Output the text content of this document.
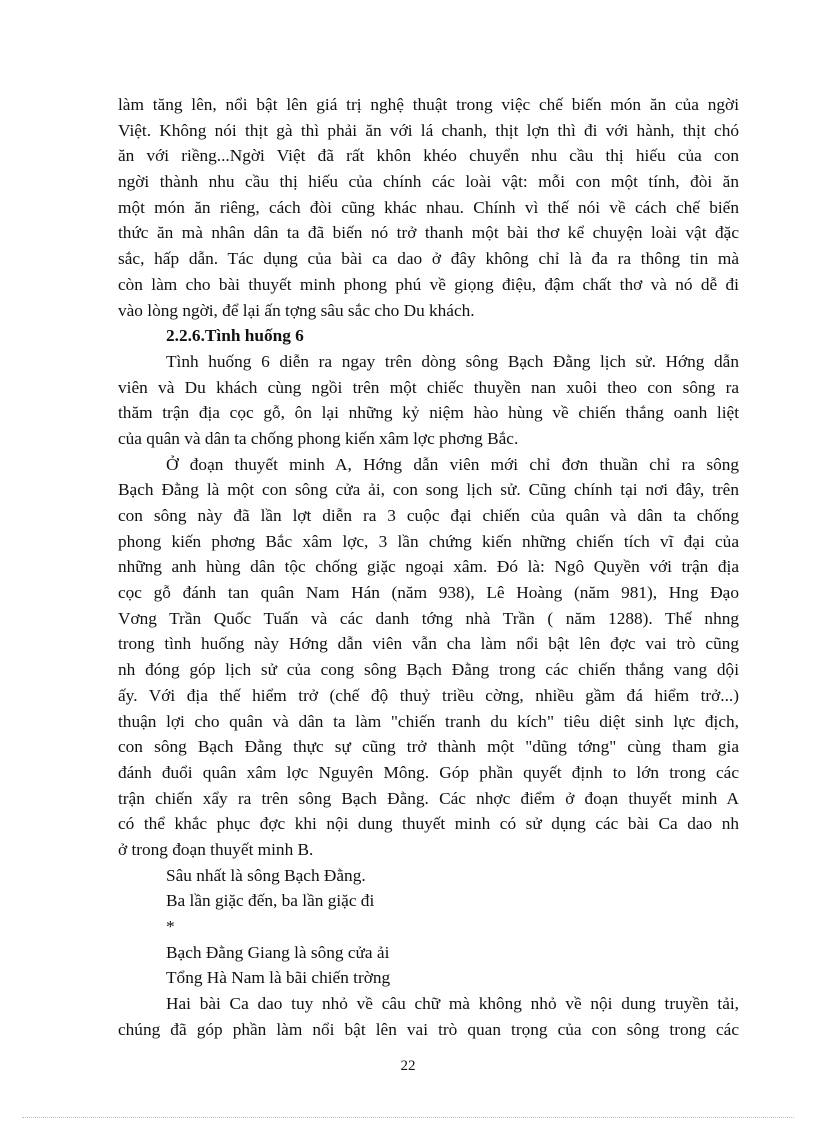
làm tăng lên, nổi bật lên giá trị nghệ thuật trong việc chế biến món ăn của ngời
Việt. Không nói thịt gà thì phải ăn với lá chanh, thịt lợn thì đi với hành, thịt chó
ăn với riềng...Ngời Việt đã rất khôn khéo chuyển nhu cầu thị hiếu của con
ngời thành nhu cầu thị hiếu của chính các loài vật: mỗi con một tính, đòi ăn
một món ăn riêng, cách đòi cũng khác nhau. Chính vì thế nói về cách chế biến
thức ăn mà nhân dân ta đã biến nó trở thanh một bài thơ kể chuyện loài vật đặc
sắc, hấp dẫn. Tác dụng của bài ca dao ở đây không chỉ là đa ra thông tin mà
còn làm cho bài thuyết minh phong phú về giọng điệu, đậm chất thơ và nó dễ đi
vào lòng ngời, để lại ấn tợng sâu sắc cho Du khách.
2.2.6.Tình huống 6
Tình huống 6 diễn ra ngay trên dòng sông Bạch Đằng lịch sử. Hớng dẫn
viên và Du khách cùng ngồi trên một chiếc thuyền nan xuôi theo con sông ra
thăm trận địa cọc gỗ, ôn lại những kỷ niệm hào hùng về chiến thắng oanh liệt
của quân và dân ta chống phong kiến xâm lợc phơng Bắc.
Ở đoạn thuyết minh A, Hớng dẫn viên mới chỉ đơn thuần chỉ ra sông
Bạch Đằng là một con sông cửa ải, con song lịch sử. Cũng chính tại nơi đây, trên
con sông này đã lần lợt diễn ra 3 cuộc đại chiến của quân và dân ta chống
phong kiến phơng Bắc xâm lợc, 3 lần chứng kiến những chiến tích vĩ đại của
những anh hùng dân tộc chống giặc ngoại xâm. Đó là: Ngô Quyền với trận địa
cọc gỗ đánh tan quân Nam Hán (năm 938), Lê Hoàng (năm 981), Hng Đạo
Vơng Trần Quốc Tuấn và các danh tớng nhà Trần ( năm 1288). Thế nhng
trong tình huống này Hớng dẫn viên vẫn cha làm nổi bật lên đợc vai trò cũng
nh đóng góp lịch sử của cong sông Bạch Đằng trong các chiến thắng vang dội
ấy. Với địa thế hiểm trở (chế độ thuỷ triều cờng, nhiều gầm đá hiểm trở...)
thuận lợi cho quân và dân ta làm "chiến tranh du kích" tiêu diệt sinh lực địch,
con sông Bạch Đằng thực sự cũng trở thành một "dũng tớng" cùng tham gia
đánh đuổi quân xâm lợc Nguyên Mông. Góp phần quyết định to lớn trong các
trận chiến xẩy ra trên sông Bạch Đằng. Các nhợc điểm ở đoạn thuyết minh A
có thể khắc phục đợc khi nội dung thuyết minh có sử dụng các bài Ca dao nh
ở trong đoạn thuyết minh B.
Sâu nhất là sông Bạch Đằng.
Ba lần giặc đến, ba lần giặc đi
*
Bạch Đằng Giang là sông cửa ải
Tổng Hà Nam là bãi chiến trờng
Hai bài Ca dao tuy nhỏ về câu chữ mà không nhỏ về nội dung truyền tải,
chúng đã góp phần làm nổi bật lên vai trò quan trọng của con sông trong các
22
